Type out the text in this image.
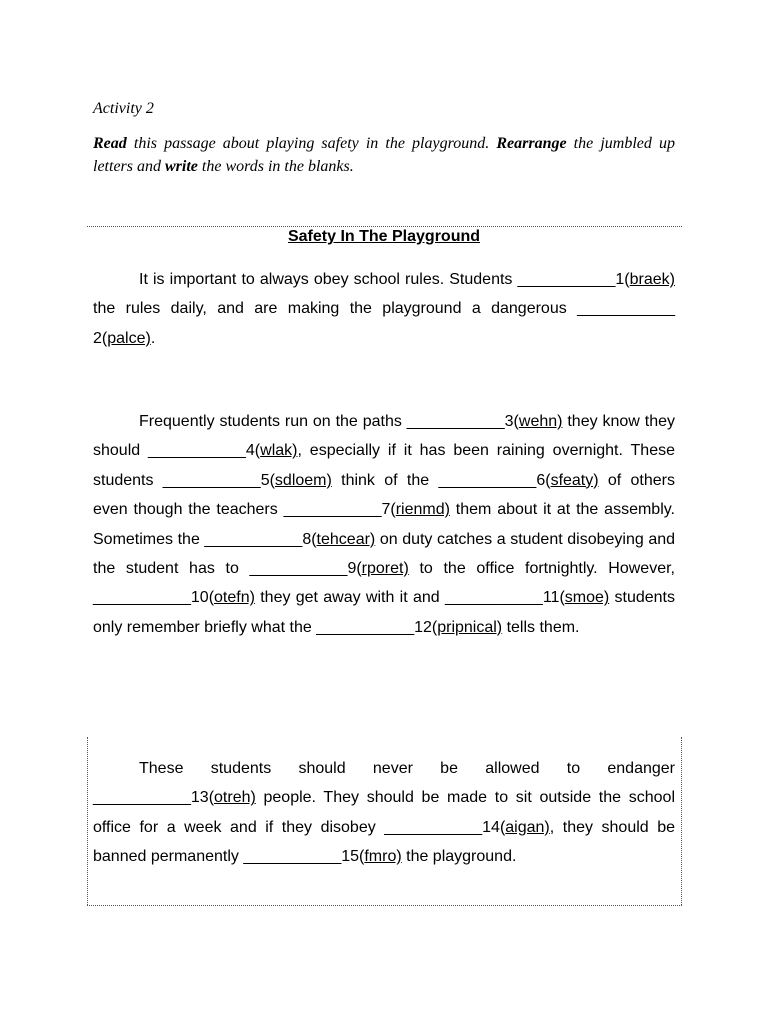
Activity 2
Read this passage about playing safety in the playground. Rearrange the jumbled up letters and write the words in the blanks.
Safety In The Playground
It is important to always obey school rules. Students ___________1(braek) the rules daily, and are making the playground a dangerous ___________ 2(palce).
Frequently students run on the paths ___________3(wehn) they know they should ___________4(wlak), especially if it has been raining overnight. These students ___________5(sdloem) think of the ___________6(sfeaty) of others even though the teachers ___________7(rienmd) them about it at the assembly. Sometimes the ___________8(tehcear) on duty catches a student disobeying and the student has to ___________9(rporet) to the office fortnightly. However, ___________10(otefn) they get away with it and ___________11(smoe) students only remember briefly what the ___________12(pripnical) tells them.
These students should never be allowed to endanger ___________13(otreh) people. They should be made to sit outside the school office for a week and if they disobey ___________14(aigan), they should be banned permanently ___________15(fmro) the playground.
